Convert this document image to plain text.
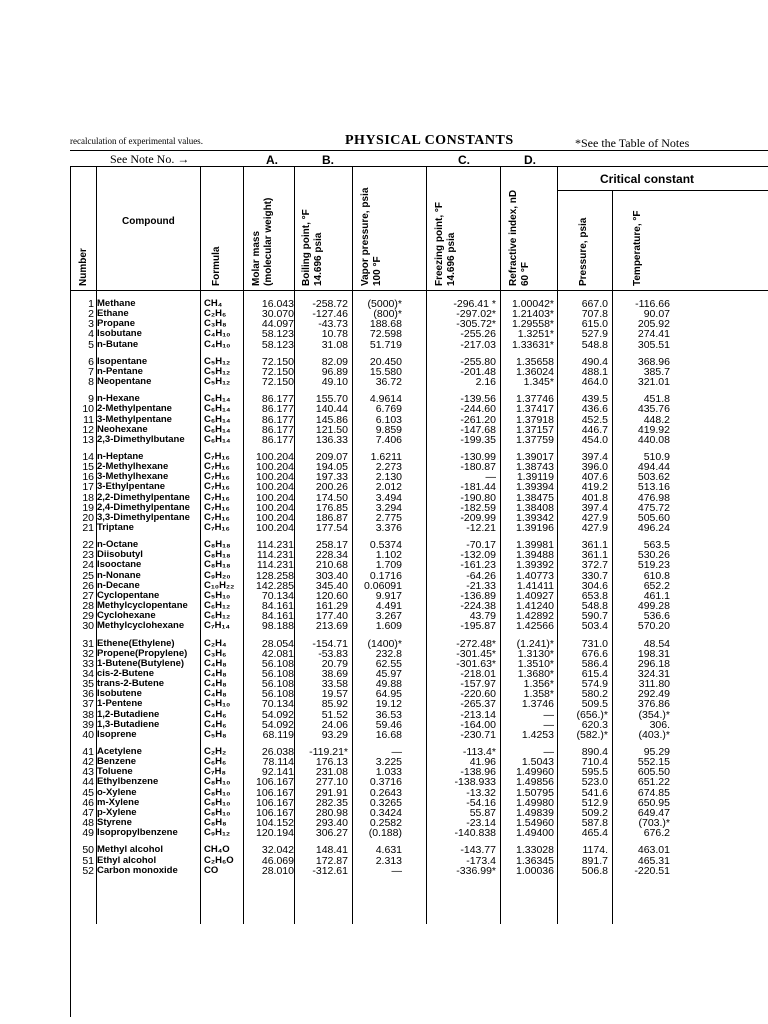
recalculation of experimental values.	PHYSICAL CONSTANTS	*See the Table of Notes
See Note No. →	A.	B.	C.	D.
Critical constant
Number
Compound
Formula	Molar mass (molecular weight)	Boiling point, °F 14.696 psia	Vapor pressure, psia 100 °F	Freezing point, °F 14.696 psia	Refractive index, nD 60 °F	Pressure, psia	Temperature, °F
1 Methane	CH₄	16.043	-258.72	(5000)*	-296.41 *	1.00042*	667.0	-116.66
2 Ethane	C₂H₆	30.070	-127.46	(800)*	-297.02*	1.21403*	707.8	90.07
3 Propane	C₃H₈	44.097	-43.73	188.68	-305.72*	1.29558*	615.0	205.92
4 Isobutane	C₄H₁₀	58.123	10.78	72.598	-255.26	1.3251*	527.9	274.41
5 n-Butane	C₄H₁₀	58.123	31.08	51.719	-217.03	1.33631*	548.8	305.51
6 Isopentane	C₅H₁₂	72.150	82.09	20.450	-255.80	1.35658	490.4	368.96
7 n-Pentane	C₅H₁₂	72.150	96.89	15.580	-201.48	1.36024	488.1	385.7
8 Neopentane	C₅H₁₂	72.150	49.10	36.72	2.16	1.345*	464.0	321.01
9 n-Hexane	C₆H₁₄	86.177	155.70	4.9614	-139.56	1.37746	439.5	451.8
10 2-Methylpentane	C₆H₁₄	86.177	140.44	6.769	-244.60	1.37417	436.6	435.76
11 3-Methylpentane	C₆H₁₄	86.177	145.86	6.103	-261.20	1.37918	452.5	448.2
12 Neohexane	C₆H₁₄	86.177	121.50	9.859	-147.68	1.37157	446.7	419.92
13 2,3-Dimethylbutane	C₆H₁₄	86.177	136.33	7.406	-199.35	1.37759	454.0	440.08
14 n-Heptane	C₇H₁₆	100.204	209.07	1.6211	-130.99	1.39017	397.4	510.9
15 2-Methylhexane	C₇H₁₆	100.204	194.05	2.273	-180.87	1.38743	396.0	494.44
16 3-Methylhexane	C₇H₁₆	100.204	197.33	2.130	—	1.39119	407.6	503.62
17 3-Ethylpentane	C₇H₁₆	100.204	200.26	2.012	-181.44	1.39394	419.2	513.16
18 2,2-Dimethylpentane	C₇H₁₆	100.204	174.50	3.494	-190.80	1.38475	401.8	476.98
19 2,4-Dimethylpentane	C₇H₁₆	100.204	176.85	3.294	-182.59	1.38408	397.4	475.72
20 3,3-Dimethylpentane	C₇H₁₆	100.204	186.87	2.775	-209.99	1.39342	427.9	505.60
21 Triptane	C₇H₁₆	100.204	177.54	3.376	-12.21	1.39196	427.9	496.24
22 n-Octane	C₈H₁₈	114.231	258.17	0.5374	-70.17	1.39981	361.1	563.5
23 Diisobutyl	C₈H₁₈	114.231	228.34	1.102	-132.09	1.39488	361.1	530.26
24 Isooctane	C₈H₁₈	114.231	210.68	1.709	-161.23	1.39392	372.7	519.23
25 n-Nonane	C₉H₂₀	128.258	303.40	0.1716	-64.26	1.40773	330.7	610.8
26 n-Decane	C₁₀H₂₂	142.285	345.40	0.06091	-21.33	1.41411	304.6	652.2
27 Cyclopentane	C₅H₁₀	70.134	120.60	9.917	-136.89	1.40927	653.8	461.1
28 Methylcyclopentane	C₆H₁₂	84.161	161.29	4.491	-224.38	1.41240	548.8	499.28
29 Cyclohexane	C₆H₁₂	84.161	177.40	3.267	43.79	1.42892	590.7	536.6
30 Methylcyclohexane	C₇H₁₄	98.188	213.69	1.609	-195.87	1.42566	503.4	570.20
31 Ethene(Ethylene)	C₂H₄	28.054	-154.71	(1400)*	-272.48*	(1.241)*	731.0	48.54
32 Propene(Propylene)	C₃H₆	42.081	-53.83	232.8	-301.45*	1.3130*	676.6	198.31
33 1-Butene(Butylene)	C₄H₈	56.108	20.79	62.55	-301.63*	1.3510*	586.4	296.18
34 cis-2-Butene	C₄H₈	56.108	38.69	45.97	-218.01	1.3680*	615.4	324.31
35 trans-2-Butene	C₄H₈	56.108	33.58	49.88	-157.97	1.356*	574.9	311.80
36 Isobutene	C₄H₈	56.108	19.57	64.95	-220.60	1.358*	580.2	292.49
37 1-Pentene	C₅H₁₀	70.134	85.92	19.12	-265.37	1.3746	509.5	376.86
38 1,2-Butadiene	C₄H₆	54.092	51.52	36.53	-213.14	—	(656.)*	(354.)*
39 1,3-Butadiene	C₄H₆	54.092	24.06	59.46	-164.00	—	620.3	306.
40 Isoprene	C₅H₈	68.119	93.29	16.68	-230.71	1.4253	(582.)*	(403.)*
41 Acetylene	C₂H₂	26.038	-119.21*	—	-113.4*	—	890.4	95.29
42 Benzene	C₆H₆	78.114	176.13	3.225	41.96	1.5043	710.4	552.15
43 Toluene	C₇H₈	92.141	231.08	1.033	-138.96	1.49960	595.5	605.50
44 Ethylbenzene	C₈H₁₀	106.167	277.10	0.3716	-138.933	1.49856	523.0	651.22
45 o-Xylene	C₈H₁₀	106.167	291.91	0.2643	-13.32	1.50795	541.6	674.85
46 m-Xylene	C₈H₁₀	106.167	282.35	0.3265	-54.16	1.49980	512.9	650.95
47 p-Xylene	C₈H₁₀	106.167	280.98	0.3424	55.87	1.49839	509.2	649.47
48 Styrene	C₈H₈	104.152	293.40	0.2582	-23.14	1.54960	587.8	(703.)*
49 Isopropylbenzene	C₉H₁₂	120.194	306.27	(0.188)	-140.838	1.49400	465.4	676.2
50 Methyl alcohol	CH₄O	32.042	148.41	4.631	-143.77	1.33028	1174.	463.01
51 Ethyl alcohol	C₂H₆O	46.069	172.87	2.313	-173.4	1.36345	891.7	465.31
52 Carbon monoxide	CO	28.010	-312.61	—	-336.99*	1.00036	506.8	-220.51
